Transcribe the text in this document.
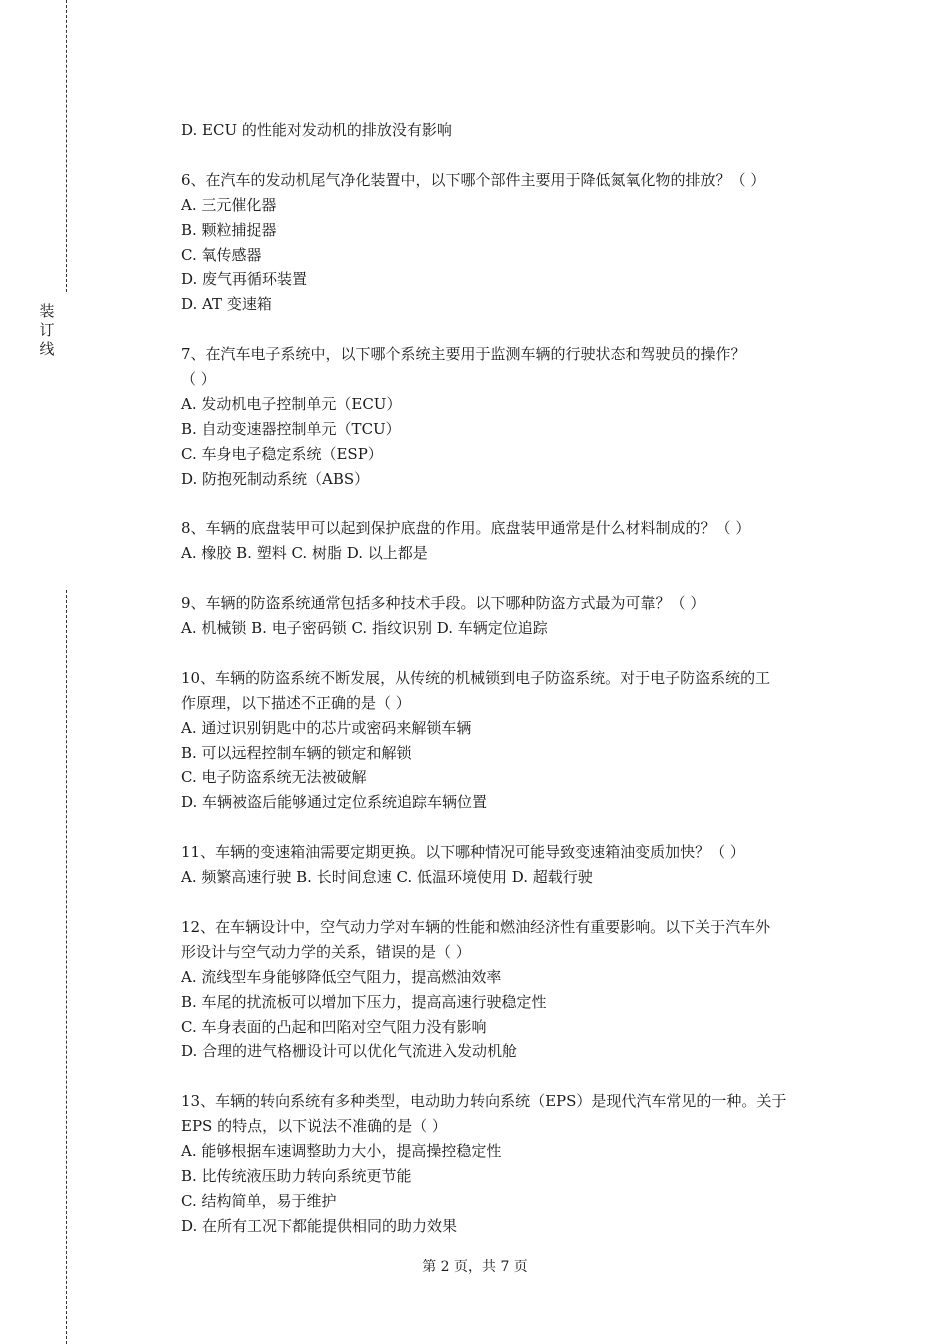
装订线

D. ECU 的性能对发动机的排放没有影响

6、在汽车的发动机尾气净化装置中，以下哪个部件主要用于降低氮氧化物的排放？（ ）

A. 三元催化器

B. 颗粒捕捉器

C. 氧传感器

D. 废气再循环装置

D. AT 变速箱

7、在汽车电子系统中，以下哪个系统主要用于监测车辆的行驶状态和驾驶员的操作？

（ ）

A. 发动机电子控制单元（ECU）

B. 自动变速器控制单元（TCU）

C. 车身电子稳定系统（ESP）

D. 防抱死制动系统（ABS）

8、车辆的底盘装甲可以起到保护底盘的作用。底盘装甲通常是什么材料制成的？（ ）

A. 橡胶 B. 塑料 C. 树脂 D. 以上都是

9、车辆的防盗系统通常包括多种技术手段。以下哪种防盗方式最为可靠？（ ）

A. 机械锁 B. 电子密码锁 C. 指纹识别 D. 车辆定位追踪

10、车辆的防盗系统不断发展，从传统的机械锁到电子防盗系统。对于电子防盗系统的工

作原理，以下描述不正确的是（ ）

A. 通过识别钥匙中的芯片或密码来解锁车辆

B. 可以远程控制车辆的锁定和解锁

C. 电子防盗系统无法被破解

D. 车辆被盗后能够通过定位系统追踪车辆位置

11、车辆的变速箱油需要定期更换。以下哪种情况可能导致变速箱油变质加快？（ ）

A. 频繁高速行驶 B. 长时间怠速 C. 低温环境使用 D. 超载行驶

12、在车辆设计中，空气动力学对车辆的性能和燃油经济性有重要影响。以下关于汽车外

形设计与空气动力学的关系，错误的是（ ）

A. 流线型车身能够降低空气阻力，提高燃油效率

B. 车尾的扰流板可以增加下压力，提高高速行驶稳定性

C. 车身表面的凸起和凹陷对空气阻力没有影响

D. 合理的进气格栅设计可以优化气流进入发动机舱

13、车辆的转向系统有多种类型，电动助力转向系统（EPS）是现代汽车常见的一种。关于

EPS 的特点，以下说法不准确的是（ ）

A. 能够根据车速调整助力大小，提高操控稳定性

B. 比传统液压助力转向系统更节能

C. 结构简单，易于维护

D. 在所有工况下都能提供相同的助力效果

第 2 页，共 7 页
